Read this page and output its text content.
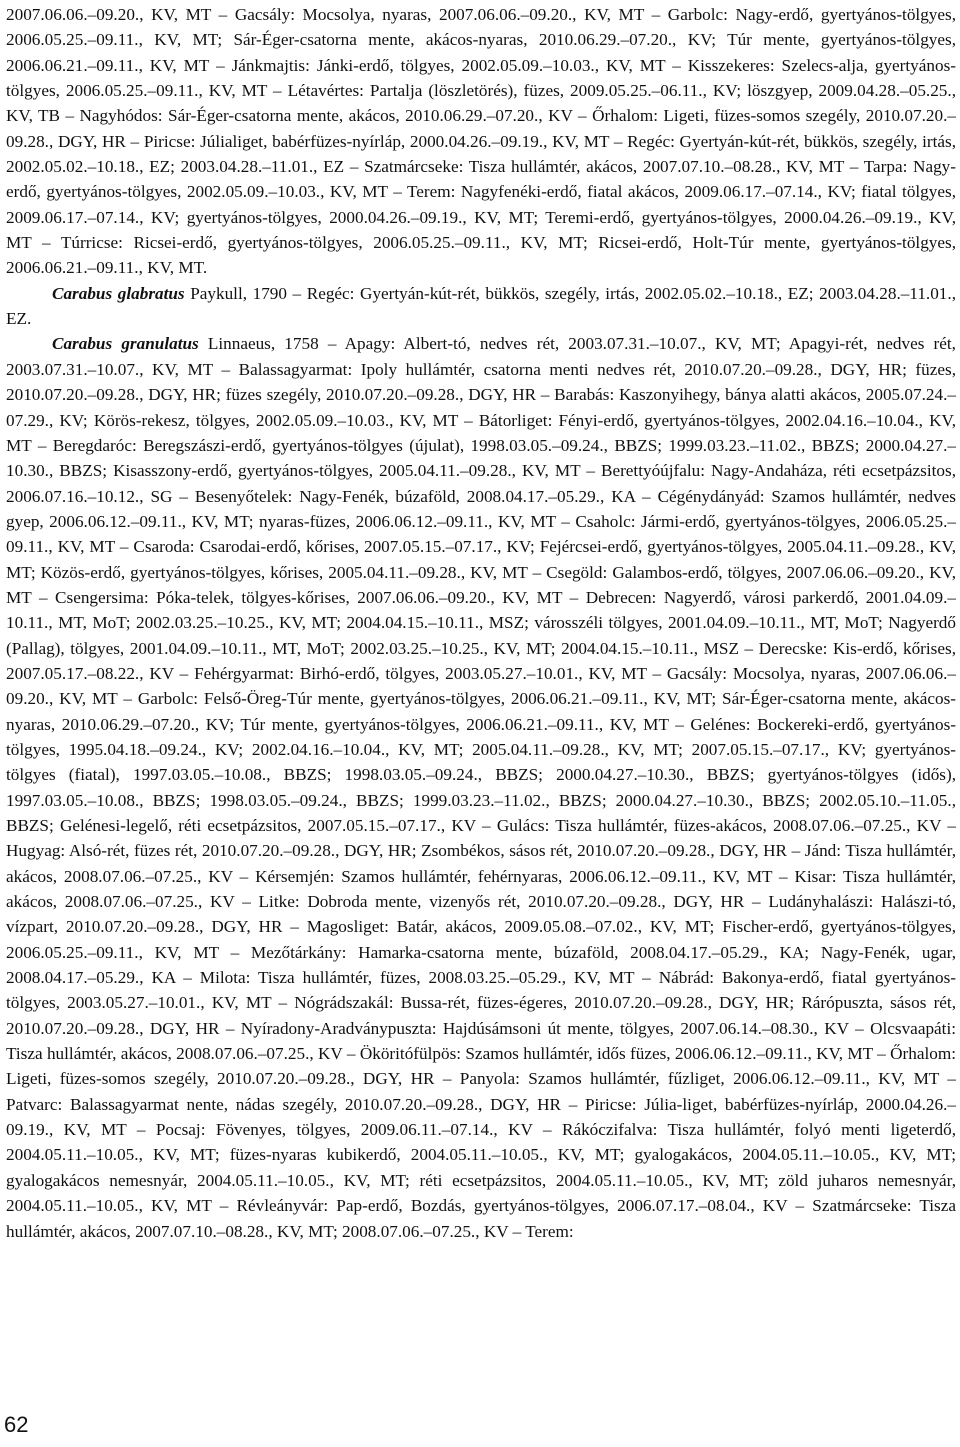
2007.06.06.–09.20., KV, MT – Gacsály: Mocsolya, nyaras, 2007.06.06.–09.20., KV, MT – Garbolc: Nagy-erdő, gyertyános-tölgyes, 2006.05.25.–09.11., KV, MT; Sár-Éger-csatorna mente, akácos-nyaras, 2010.06.29.–07.20., KV; Túr mente, gyertyános-tölgyes, 2006.06.21.–09.11., KV, MT – Jánkmajtis: Jánki-erdő, tölgyes, 2002.05.09.–10.03., KV, MT – Kisszekeres: Szelecs-alja, gyertyános-tölgyes, 2006.05.25.–09.11., KV, MT – Létavértes: Partalja (löszletörés), füzes, 2009.05.25.–06.11., KV; löszgyep, 2009.04.28.–05.25., KV, TB – Nagyhódos: Sár-Éger-csatorna mente, akácos, 2010.06.29.–07.20., KV – Őrhalom: Ligeti, füzes-somos szegély, 2010.07.20.–09.28., DGY, HR – Piricse: Júlialiget, babérfüzes-nyírláp, 2000.04.26.–09.19., KV, MT – Regéc: Gyertyán-kút-rét, bükkös, szegély, irtás, 2002.05.02.–10.18., EZ; 2003.04.28.–11.01., EZ – Szatmárcseke: Tisza hullámtér, akácos, 2007.07.10.–08.28., KV, MT – Tarpa: Nagy-erdő, gyertyános-tölgyes, 2002.05.09.–10.03., KV, MT – Terem: Nagyfenéki-erdő, fiatal akácos, 2009.06.17.–07.14., KV; fiatal tölgyes, 2009.06.17.–07.14., KV; gyertyános-tölgyes, 2000.04.26.–09.19., KV, MT; Teremi-erdő, gyertyános-tölgyes, 2000.04.26.–09.19., KV, MT – Túrricse: Ricsei-erdő, gyertyános-tölgyes, 2006.05.25.–09.11., KV, MT; Ricsei-erdő, Holt-Túr mente, gyertyános-tölgyes, 2006.06.21.–09.11., KV, MT.

Carabus glabratus Paykull, 1790 – Regéc: Gyertyán-kút-rét, bükkös, szegély, irtás, 2002.05.02.–10.18., EZ; 2003.04.28.–11.01., EZ.

Carabus granulatus Linnaeus, 1758 – Apagy: Albert-tó, nedves rét, 2003.07.31.–10.07., KV, MT; Apagyi-rét, nedves rét, 2003.07.31.–10.07., KV, MT – Balassagyarmat: Ipoly hullámtér, csatorna menti nedves rét, 2010.07.20.–09.28., DGY, HR; füzes, 2010.07.20.–09.28., DGY, HR; füzes szegély, 2010.07.20.–09.28., DGY, HR – Barabás: Kaszonyihegy, bánya alatti akácos, 2005.07.24.–07.29., KV; Körös-rekesz, tölgyes, 2002.05.09.–10.03., KV, MT – Bátorliget: Fényi-erdő, gyertyános-tölgyes, 2002.04.16.–10.04., KV, MT – Beregdaróc: Beregszászi-erdő, gyertyános-tölgyes (újulat), 1998.03.05.–09.24., BBZS; 1999.03.23.–11.02., BBZS; 2000.04.27.–10.30., BBZS; Kisasszony-erdő, gyertyános-tölgyes, 2005.04.11.–09.28., KV, MT – Berettyóújfalu: Nagy-Andaháza, réti ecsetpázsitos, 2006.07.16.–10.12., SG – Besenyőtelek: Nagy-Fenék, búzaföld, 2008.04.17.–05.29., KA – Cégénydányád: Szamos hullámtér, nedves gyep, 2006.06.12.–09.11., KV, MT; nyaras-füzes, 2006.06.12.–09.11., KV, MT – Csaholc: Jármi-erdő, gyertyános-tölgyes, 2006.05.25.–09.11., KV, MT – Csaroda: Csarodai-erdő, kőrises, 2007.05.15.–07.17., KV; Fejércsei-erdő, gyertyános-tölgyes, 2005.04.11.–09.28., KV, MT; Közös-erdő, gyertyános-tölgyes, kőrises, 2005.04.11.–09.28., KV, MT – Csegöld: Galambos-erdő, tölgyes, 2007.06.06.–09.20., KV, MT – Csengersima: Póka-telek, tölgyes-kőrises, 2007.06.06.–09.20., KV, MT – Debrecen: Nagyerdő, városi parkerdő, 2001.04.09.–10.11., MT, MoT; 2002.03.25.–10.25., KV, MT; 2004.04.15.–10.11., MSZ; városszéli tölgyes, 2001.04.09.–10.11., MT, MoT; Nagyerdő (Pallag), tölgyes, 2001.04.09.–10.11., MT, MoT; 2002.03.25.–10.25., KV, MT; 2004.04.15.–10.11., MSZ – Derecske: Kis-erdő, kőrises, 2007.05.17.–08.22., KV – Fehérgyarmat: Birhó-erdő, tölgyes, 2003.05.27.–10.01., KV, MT – Gacsály: Mocsolya, nyaras, 2007.06.06.–09.20., KV, MT – Garbolc: Felső-Öreg-Túr mente, gyertyános-tölgyes, 2006.06.21.–09.11., KV, MT; Sár-Éger-csatorna mente, akácos-nyaras, 2010.06.29.–07.20., KV; Túr mente, gyertyános-tölgyes, 2006.06.21.–09.11., KV, MT – Gelénes: Bockereki-erdő, gyertyános-tölgyes, 1995.04.18.–09.24., KV; 2002.04.16.–10.04., KV, MT; 2005.04.11.–09.28., KV, MT; 2007.05.15.–07.17., KV; gyertyános-tölgyes (fiatal), 1997.03.05.–10.08., BBZS; 1998.03.05.–09.24., BBZS; 2000.04.27.–10.30., BBZS; gyertyános-tölgyes (idős), 1997.03.05.–10.08., BBZS; 1998.03.05.–09.24., BBZS; 1999.03.23.–11.02., BBZS; 2000.04.27.–10.30., BBZS; 2002.05.10.–11.05., BBZS; Gelénesi-legelő, réti ecsetpázsitos, 2007.05.15.–07.17., KV – Gulács: Tisza hullámtér, füzes-akácos, 2008.07.06.–07.25., KV – Hugyag: Alsó-rét, füzes rét, 2010.07.20.–09.28., DGY, HR; Zsombékos, sásos rét, 2010.07.20.–09.28., DGY, HR – Jánd: Tisza hullámtér, akácos, 2008.07.06.–07.25., KV – Kérsemjén: Szamos hullámtér, fehérnyaras, 2006.06.12.–09.11., KV, MT – Kisar: Tisza hullámtér, akácos, 2008.07.06.–07.25., KV – Litke: Dobroda mente, vizenyős rét, 2010.07.20.–09.28., DGY, HR – Ludányhalászi: Halászi-tó, vízpart, 2010.07.20.–09.28., DGY, HR – Magosliget: Batár, akácos, 2009.05.08.–07.02., KV, MT; Fischer-erdő, gyertyános-tölgyes, 2006.05.25.–09.11., KV, MT – Mezőtárkány: Hamarka-csatorna mente, búzaföld, 2008.04.17.–05.29., KA; Nagy-Fenék, ugar, 2008.04.17.–05.29., KA – Milota: Tisza hullámtér, füzes, 2008.03.25.–05.29., KV, MT – Nábrád: Bakonya-erdő, fiatal gyertyános-tölgyes, 2003.05.27.–10.01., KV, MT – Nógrádszakál: Bussa-rét, füzes-égeres, 2010.07.20.–09.28., DGY, HR; Rárópuszta, sásos rét, 2010.07.20.–09.28., DGY, HR – Nyíradony-Aradványpuszta: Hajdúsámsoni út mente, tölgyes, 2007.06.14.–08.30., KV – Olcsvaapáti: Tisza hullámtér, akácos, 2008.07.06.–07.25., KV – Ököritófülpös: Szamos hullámtér, idős füzes, 2006.06.12.–09.11., KV, MT – Őrhalom: Ligeti, füzes-somos szegély, 2010.07.20.–09.28., DGY, HR – Panyola: Szamos hullámtér, fűzliget, 2006.06.12.–09.11., KV, MT – Patvarc: Balassagyarmat nente, nádas szegély, 2010.07.20.–09.28., DGY, HR – Piricse: Júlia-liget, babérfüzes-nyírláp, 2000.04.26.–09.19., KV, MT – Pocsaj: Fövenyes, tölgyes, 2009.06.11.–07.14., KV – Rákóczifalva: Tisza hullámtér, folyó menti ligeterdő, 2004.05.11.–10.05., KV, MT; füzes-nyaras kubikerdő, 2004.05.11.–10.05., KV, MT; gyalogakácos, 2004.05.11.–10.05., KV, MT; gyalogakácos nemesnyár, 2004.05.11.–10.05., KV, MT; réti ecsetpázsitos, 2004.05.11.–10.05., KV, MT; zöld juharos nemesnyár, 2004.05.11.–10.05., KV, MT – Révleányvár: Pap-erdő, Bozdás, gyertyános-tölgyes, 2006.07.17.–08.04., KV – Szatmárcseke: Tisza hullámtér, akácos, 2007.07.10.–08.28., KV, MT; 2008.07.06.–07.25., KV – Terem:

62
